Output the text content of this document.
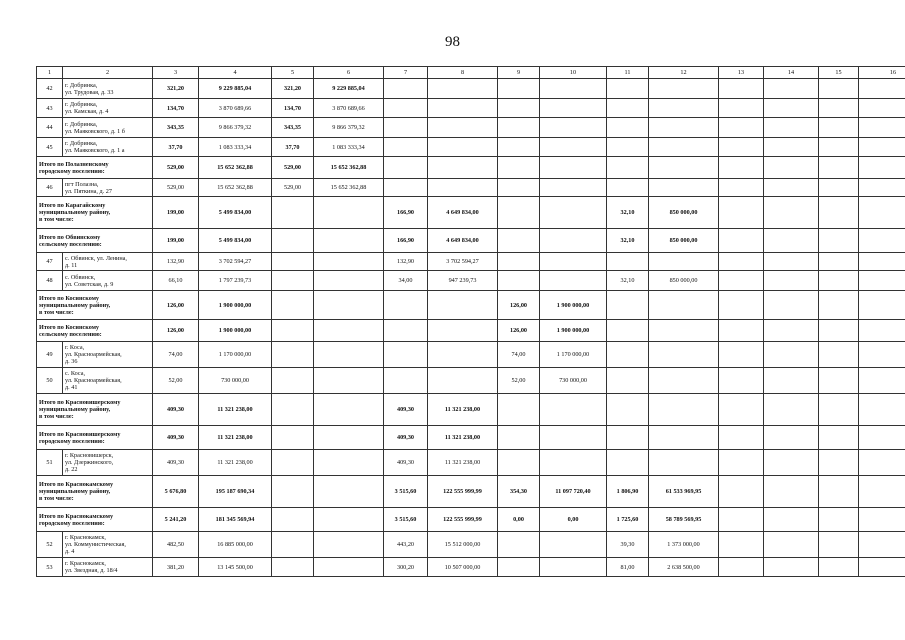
98
1	2	3	4	5	6	7	8	9	10	11	12	13	14	15	16
42	г. Добринка,
ул. Трудовая, д. 33	321,20	9 229 885,04	321,20	9 229 885,04										
43	г. Добринка,
ул. Камская, д. 4	134,70	3 870 689,66	134,70	3 870 689,66										
44	г. Добринка,
ул. Маяковского, д. 1 б	343,35	9 866 379,32	343,35	9 866 379,32										
45	г. Добринка,
ул. Маяковского, д. 1 а	37,70	1 083 333,34	37,70	1 083 333,34										
Итого по Полазненскому
городскому поселению:		529,00	15 652 362,88	529,00	15 652 362,88										
46	пгт Полазна,
ул. Пяткина, д. 27	529,00	15 652 362,88	529,00	15 652 362,88										
Итого по Карагайскому
муниципальному району,
в том числе:		199,00	5 499 834,00			166,90	4 649 834,00			32,10	850 000,00				
Итого по Обвинскому
сельскому поселению:		199,00	5 499 834,00			166,90	4 649 834,00			32,10	850 000,00				
47	с. Обвинск, ул. Ленина,
д. 11	132,90	3 702 594,27			132,90	3 702 594,27								
48	с. Обвинск,
ул. Советская, д. 9	66,10	1 797 239,73			34,00	947 239,73			32,10	850 000,00				
Итого по Косинскому
муниципальному району,
в том числе:		126,00	1 900 000,00					126,00	1 900 000,00						
Итого по Косинскому
сельскому поселению:		126,00	1 900 000,00					126,00	1 900 000,00						
49	г. Коса,
ул. Красноармейская,
д. 36	74,00	1 170 000,00					74,00	1 170 000,00						
50	с. Коса,
ул. Красноармейская,
д. 41	52,00	730 000,00					52,00	730 000,00						
Итого по Красновишерскому
муниципальному району,
в том числе:		409,30	11 321 238,00			409,30	11 321 238,00								
Итого по Красновишерскому
городскому поселению:		409,30	11 321 238,00			409,30	11 321 238,00								
51	г. Красновишерск,
ул. Дзержинского,
д. 22	409,30	11 321 238,00			409,30	11 321 238,00								
Итого по Краснокамскому
муниципальному району,
в том числе:		5 676,80	195 187 690,34			3 515,60	122 555 999,99	354,30	11 097 720,40	1 806,90	61 533 969,95				
Итого по Краснокамскому
городскому поселению:		5 241,20	181 345 569,94			3 515,60	122 555 999,99	0,00	0,00	1 725,60	58 789 569,95				
52	г. Краснокамск,
ул. Коммунистическая,
д. 4	482,50	16 885 000,00			443,20	15 512 000,00			39,30	1 373 000,00				
53	г. Краснокамск,
ул. Звездная, д. 18/4	381,20	13 145 500,00			300,20	10 507 000,00			81,00	2 638 500,00				
